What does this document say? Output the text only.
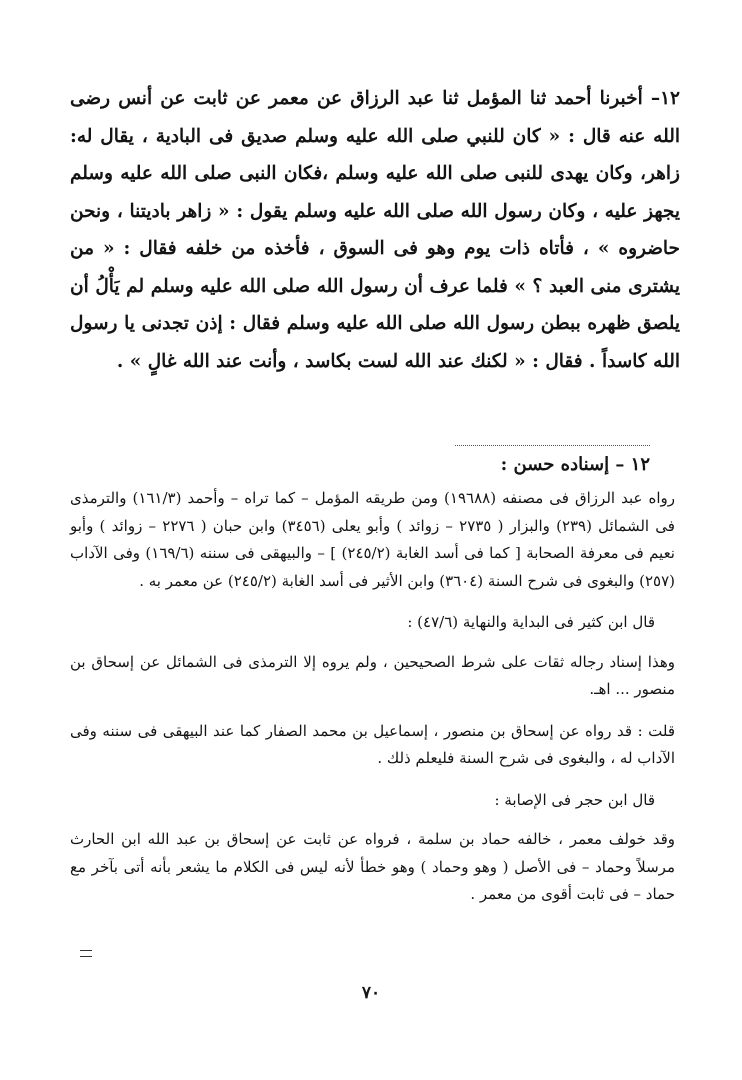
١٢– أخبرنا أحمد ثنا المؤمل ثنا عبد الرزاق عن معمر عن ثابت عن أنس رضى الله عنه قال : « كان للنبي صلى الله عليه وسلم صديق فى البادية ، يقال له: زاهر، وكان يهدى للنبى صلى الله عليه وسلم ،فكان النبى صلى الله عليه وسلم يجهز عليه ، وكان رسول الله صلى الله عليه وسلم يقول : « زاهر باديتنا ، ونحن حاضروه » ، فأتاه ذات يوم وهو فى السوق ، فأخذه من خلفه فقال : « من يشترى منى العبد ؟ » فلما عرف أن رسول الله صلى الله عليه وسلم لم يَأْلُ أن يلصق ظهره ببطن رسول الله صلى الله عليه وسلم فقال : إذن تجدنى يا رسول الله كاسداً . فقال : « لكنك عند الله لست بكاسد ، وأنت عند الله غالٍ » .
١٢ – إسناده حسن :

رواه عبد الرزاق فى مصنفه (١٩٦٨٨) ومن طريقه المؤمل – كما تراه – وأحمد (١٦١/٣) والترمذى فى الشمائل (٢٣٩) والبزار ( ٢٧٣٥ – زوائد ) وأبو يعلى (٣٤٥٦) وابن حبان ( ٢٢٧٦ – زوائد ) وأبو نعيم فى معرفة الصحابة [ كما فى أسد الغابة (٢٤٥/٢) ] – والبيهقى فى سننه (١٦٩/٦) وفى الآداب (٢٥٧) والبغوى فى شرح السنة (٣٦٠٤) وابن الأثير فى أسد الغابة (٢٤٥/٢) عن معمر به .

قال ابن كثير فى البداية والنهاية (٤٧/٦) :

وهذا إسناد رجاله ثقات على شرط الصحيحين ، ولم يروه إلا الترمذى فى الشمائل عن إسحاق بن منصور ... اهـ.

قلت : قد رواه عن إسحاق بن منصور ، إسماعيل بن محمد الصفار كما عند البيهقى فى سننه وفى الآداب له ، والبغوى فى شرح السنة فليعلم ذلك .

قال ابن حجر فى الإصابة :

وقد خولف معمر ، خالفه حماد بن سلمة ، فرواه عن ثابت عن إسحاق بن عبد الله ابن الحارث مرسلاً وحماد – فى الأصل ( وهو وحماد ) وهو خطأ لأنه ليس فى الكلام ما يشعر بأنه أتى بآخر مع حماد – فى ثابت أقوى من معمر .

٧٠
